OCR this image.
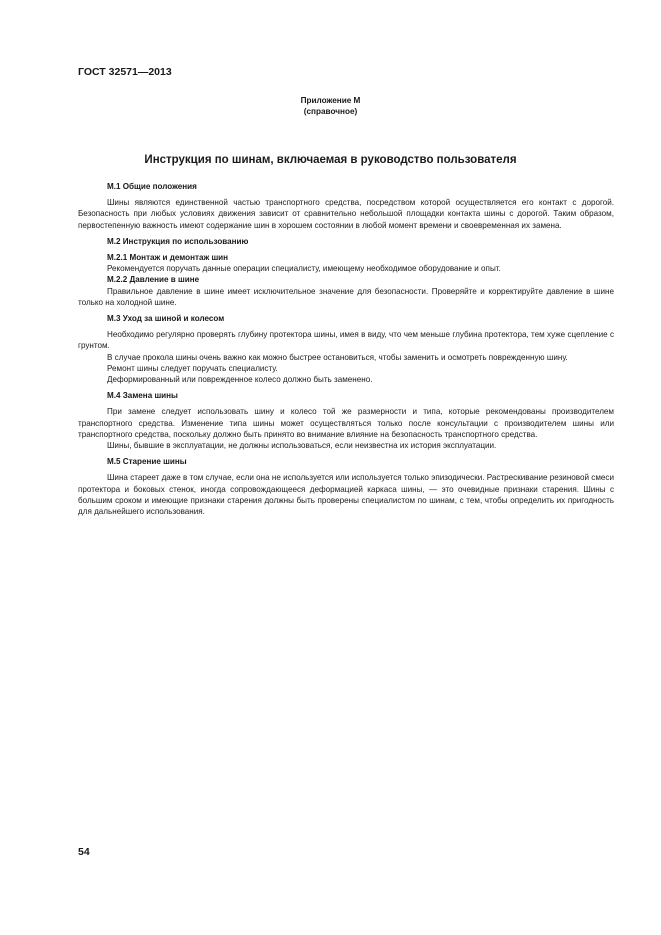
ГОСТ 32571—2013
Приложение М
(справочное)
Инструкция по шинам, включаемая в руководство пользователя
М.1 Общие положения

Шины являются единственной частью транспортного средства, посредством которой осуществляется его контакт с дорогой. Безопасность при любых условиях движения зависит от сравнительно небольшой площадки контакта шины с дорогой. Таким образом, первостепенную важность имеют содержание шин в хорошем состоянии в любой момент времени и своевременная их замена.

М.2 Инструкция по использованию
М.2.1 Монтаж и демонтаж шин

Рекомендуется поручать данные операции специалисту, имеющему необходимое оборудование и опыт.

М.2.2 Давление в шине

Правильное давление в шине имеет исключительное значение для безопасности. Проверяйте и корректируйте давление в шине только на холодной шине.

М.3 Уход за шиной и колесом

Необходимо регулярно проверять глубину протектора шины, имея в виду, что чем меньше глубина протектора, тем хуже сцепление с грунтом.

В случае прокола шины очень важно как можно быстрее остановиться, чтобы заменить и осмотреть поврежденную шину.

Ремонт шины следует поручать специалисту.

Деформированный или поврежденное колесо должно быть заменено.

М.4 Замена шины

При замене следует использовать шину и колесо той же размерности и типа, которые рекомендованы производителем транспортного средства. Изменение типа шины может осуществляться только после консультации с производителем шины или транспортного средства, поскольку должно быть принято во внимание влияние на безопасность транспортного средства.

Шины, бывшие в эксплуатации, не должны использоваться, если неизвестна их история эксплуатации.

М.5 Старение шины

Шина стареет даже в том случае, если она не используется или используется только эпизодически. Растрескивание резиновой смеси протектора и боковых стенок, иногда сопровождающееся деформацией каркаса шины, — это очевидные признаки старения. Шины с большим сроком и имеющие признаки старения должны быть проверены специалистом по шинам, с тем, чтобы определить их пригодность для дальнейшего использования.

54
